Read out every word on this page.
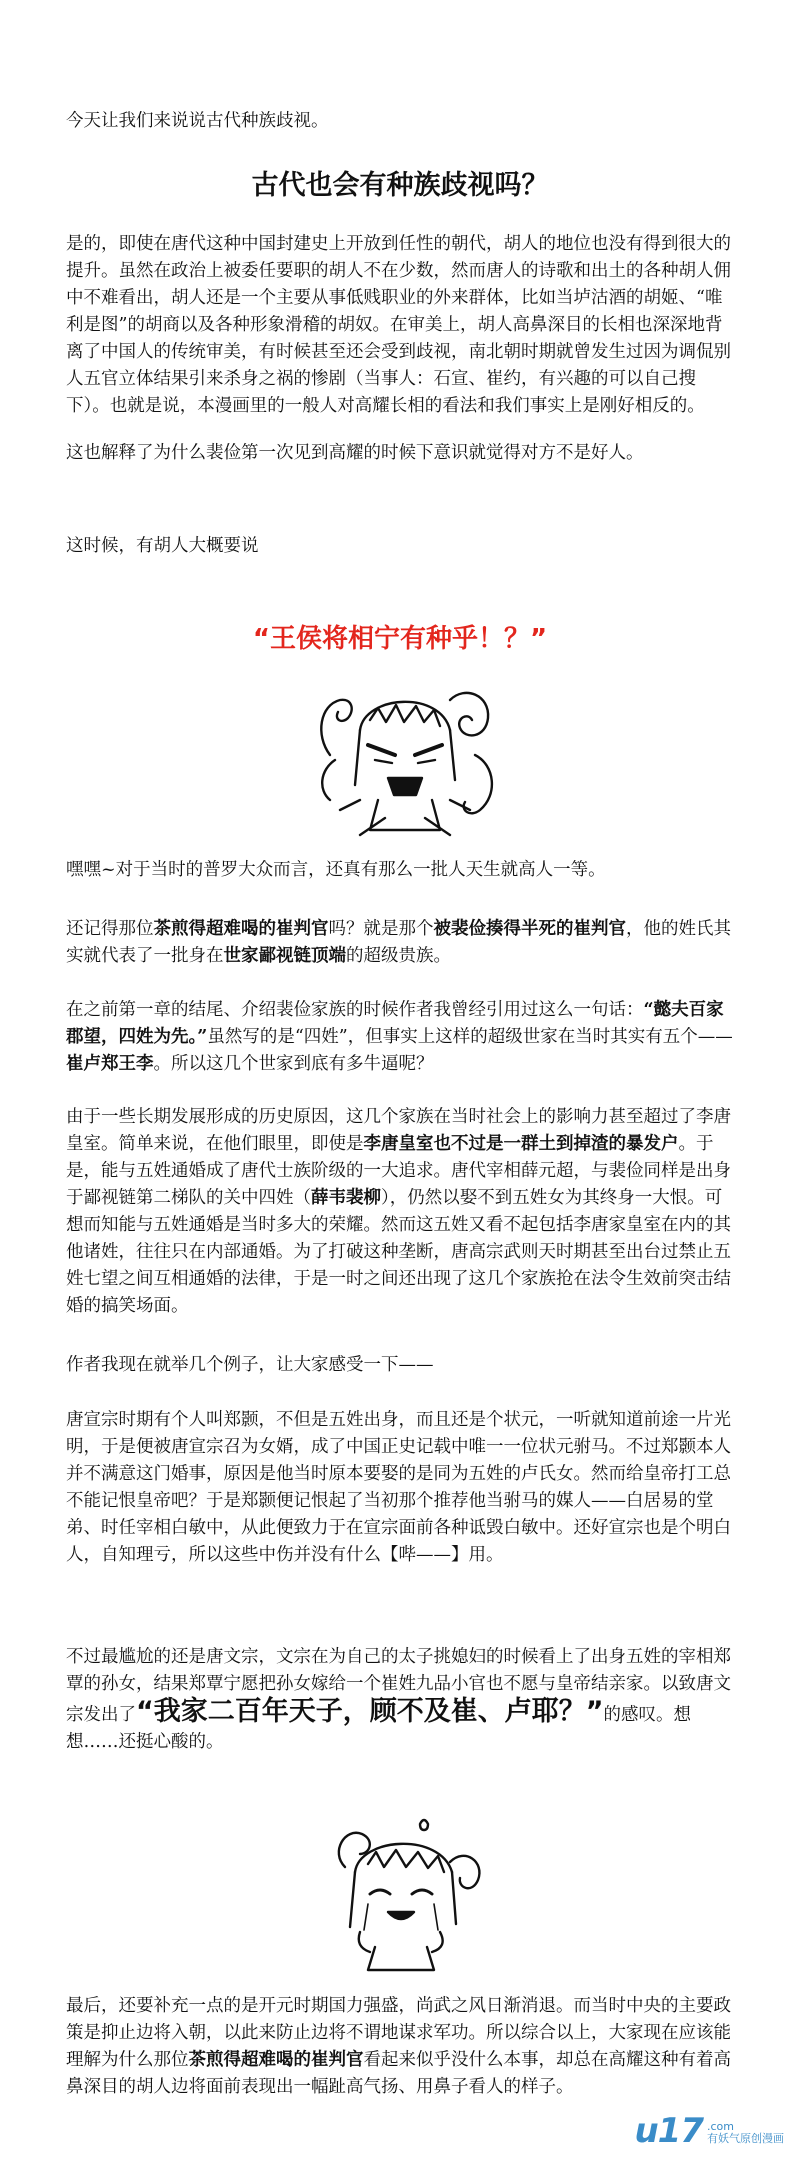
今天让我们来说说古代种族歧视。

古代也会有种族歧视吗？

是的，即使在唐代这种中国封建史上开放到任性的朝代，胡人的地位也没有得到很大的提升。虽然在政治上被委任要职的胡人不在少数，然而唐人的诗歌和出土的各种胡人佣中不难看出，胡人还是一个主要从事低贱职业的外来群体，比如当垆沽酒的胡姬、“唯利是图”的胡商以及各种形象滑稽的胡奴。在审美上，胡人高鼻深目的长相也深深地背离了中国人的传统审美，有时候甚至还会受到歧视，南北朝时期就曾发生过因为调侃别人五官立体结果引来杀身之祸的惨剧（当事人：石宣、崔约，有兴趣的可以自己搜下）。也就是说，本漫画里的一般人对高耀长相的看法和我们事实上是刚好相反的。

这也解释了为什么裴俭第一次见到高耀的时候下意识就觉得对方不是好人。

这时候，有胡人大概要说

“王侯将相宁有种乎！？”

嘿嘿~对于当时的普罗大众而言，还真有那么一批人天生就高人一等。

还记得那位茶煎得超难喝的崔判官吗？就是那个被裴俭揍得半死的崔判官，他的姓氏其实就代表了一批身在世家鄙视链顶端的超级贵族。

在之前第一章的结尾、介绍裴俭家族的时候作者我曾经引用过这么一句话：“懿夫百家郡望，四姓为先。”虽然写的是“四姓”，但事实上这样的超级世家在当时其实有五个——崔卢郑王李。所以这几个世家到底有多牛逼呢？

由于一些长期发展形成的历史原因，这几个家族在当时社会上的影响力甚至超过了李唐皇室。简单来说，在他们眼里，即使是李唐皇室也不过是一群土到掉渣的暴发户。于是，能与五姓通婚成了唐代士族阶级的一大追求。唐代宰相薛元超，与裴俭同样是出身于鄙视链第二梯队的关中四姓（薛韦裴柳），仍然以娶不到五姓女为其终身一大恨。可想而知能与五姓通婚是当时多大的荣耀。然而这五姓又看不起包括李唐家皇室在内的其他诸姓，往往只在内部通婚。为了打破这种垄断，唐高宗武则天时期甚至出台过禁止五姓七望之间互相通婚的法律，于是一时之间还出现了这几个家族抢在法令生效前突击结婚的搞笑场面。

作者我现在就举几个例子，让大家感受一下——

唐宣宗时期有个人叫郑颢，不但是五姓出身，而且还是个状元，一听就知道前途一片光明，于是便被唐宣宗召为女婿，成了中国正史记载中唯一一位状元驸马。不过郑颢本人并不满意这门婚事，原因是他当时原本要娶的是同为五姓的卢氏女。然而给皇帝打工总不能记恨皇帝吧？于是郑颢便记恨起了当初那个推荐他当驸马的媒人——白居易的堂弟、时任宰相白敏中，从此便致力于在宣宗面前各种诋毁白敏中。还好宣宗也是个明白人，自知理亏，所以这些中伤并没有什么【哔——】用。

不过最尴尬的还是唐文宗，文宗在为自己的太子挑媳妇的时候看上了出身五姓的宰相郑覃的孙女，结果郑覃宁愿把孙女嫁给一个崔姓九品小官也不愿与皇帝结亲家。以致唐文宗发出了“我家二百年天子，顾不及崔、卢耶？”的感叹。想想……还挺心酸的。

最后，还要补充一点的是开元时期国力强盛，尚武之风日渐消退。而当时中央的主要政策是抑止边将入朝，以此来防止边将不谓地谋求军功。所以综合以上，大家现在应该能理解为什么那位茶煎得超难喝的崔判官看起来似乎没什么本事，却总在高耀这种有着高鼻深目的胡人边将面前表现出一幅趾高气扬、用鼻子看人的样子。

u17 .com
有妖气原创漫画
